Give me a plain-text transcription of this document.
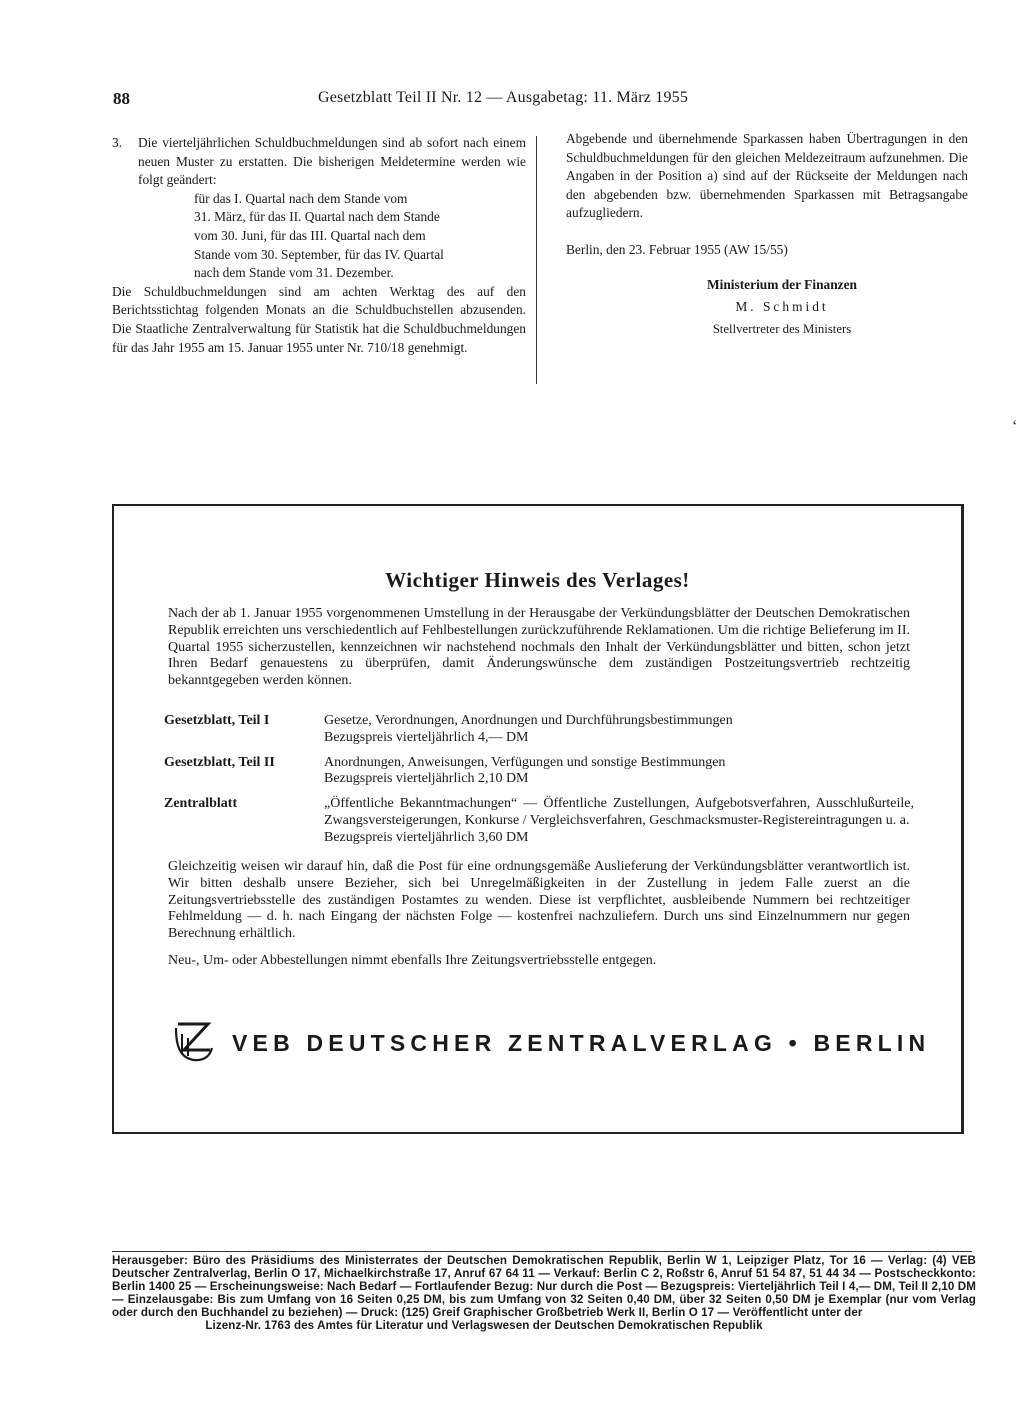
88	Gesetzblatt Teil II Nr. 12 — Ausgabetag: 11. März 1955
3.	Die vierteljährlichen Schuldbuchmeldungen sind ab sofort nach einem neuen Muster zu erstatten. Die bisherigen Meldetermine werden wie folgt geändert:
für das I. Quartal nach dem Stande vom
31. März, für das II. Quartal nach dem Stande
vom 30. Juni, für das III. Quartal nach dem
Stande vom 30. September, für das IV. Quartal
nach dem Stande vom 31. Dezember.

Die Schuldbuchmeldungen sind am achten Werktag des auf den Berichtsstichtag folgenden Monats an die Schuldbuchstellen abzusenden. Die Staatliche Zentralverwaltung für Statistik hat die Schuldbuchmeldungen für das Jahr 1955 am 15. Januar 1955 unter Nr. 710/18 genehmigt.

Abgebende und übernehmende Sparkassen haben Übertragungen in den Schuldbuchmeldungen für den gleichen Meldezeitraum aufzunehmen. Die Angaben in der Position a) sind auf der Rückseite der Meldungen nach den abgebenden bzw. übernehmenden Sparkassen mit Betragsangabe aufzugliedern.

Berlin, den 23. Februar 1955 (AW 15/55)
Ministerium der Finanzen
M. Schmidt
Stellvertreter des Ministers
ʻ
Wichtiger Hinweis des Verlages!
Nach der ab 1. Januar 1955 vorgenommenen Umstellung in der Herausgabe der Verkündungsblätter der Deutschen Demokratischen Republik erreichten uns verschiedentlich auf Fehlbestellungen zurückzuführende Reklamationen. Um die richtige Belieferung im II. Quartal 1955 sicherzustellen, kennzeichnen wir nachstehend nochmals den Inhalt der Verkündungsblätter und bitten, schon jetzt Ihren Bedarf genauestens zu überprüfen, damit Änderungswünsche dem zuständigen Postzeitungsvertrieb rechtzeitig bekanntgegeben werden können.
Gesetzblatt, Teil I	Gesetze, Verordnungen, Anordnungen und Durchführungsbestimmungen
Bezugspreis vierteljährlich 4,— DM
Gesetzblatt, Teil II	Anordnungen, Anweisungen, Verfügungen und sonstige Bestimmungen
Bezugspreis vierteljährlich 2,10 DM
Zentralblatt	„Öffentliche Bekanntmachungen“ — Öffentliche Zustellungen, Aufgebotsverfahren, Ausschlußurteile, Zwangsversteigerungen, Konkurse / Vergleichsverfahren, Geschmacksmuster-Registereintragungen u. a.
Bezugspreis vierteljährlich 3,60 DM

Gleichzeitig weisen wir darauf hin, daß die Post für eine ordnungsgemäße Auslieferung der Verkündungsblätter verantwortlich ist. Wir bitten deshalb unsere Bezieher, sich bei Unregelmäßigkeiten in der Zustellung in jedem Falle zuerst an die Zeitungsvertriebsstelle des zuständigen Postamtes zu wenden. Diese ist verpflichtet, ausbleibende Nummern bei rechtzeitiger Fehlmeldung — d. h. nach Eingang der nächsten Folge — kostenfrei nachzuliefern. Durch uns sind Einzelnummern nur gegen Berechnung erhältlich.

Neu-, Um- oder Abbestellungen nimmt ebenfalls Ihre Zeitungsvertriebsstelle entgegen.

VEB DEUTSCHER ZENTRALVERLAG • BERLIN
Herausgeber: Büro des Präsidiums des Ministerrates der Deutschen Demokratischen Republik, Berlin W 1, Leipziger Platz, Tor 16 — Verlag: (4) VEB Deutscher Zentralverlag, Berlin O 17, Michaelkirchstraße 17, Anruf 67 64 11 — Verkauf: Berlin C 2, Roßstr 6, Anruf 51 54 87, 51 44 34 — Postscheckkonto: Berlin 1400 25 — Erscheinungsweise: Nach Bedarf — Fortlaufender Bezug: Nur durch die Post — Bezugspreis: Vierteljährlich Teil I 4,— DM, Teil II 2,10 DM — Einzelausgabe: Bis zum Umfang von 16 Seiten 0,25 DM, bis zum Umfang von 32 Seiten 0,40 DM, über 32 Seiten 0,50 DM je Exemplar (nur vom Verlag oder durch den Buchhandel zu beziehen) — Druck: (125) Greif Graphischer Großbetrieb Werk II, Berlin O 17 — Veröffentlicht unter der
Lizenz-Nr. 1763 des Amtes für Literatur und Verlagswesen der Deutschen Demokratischen Republik
